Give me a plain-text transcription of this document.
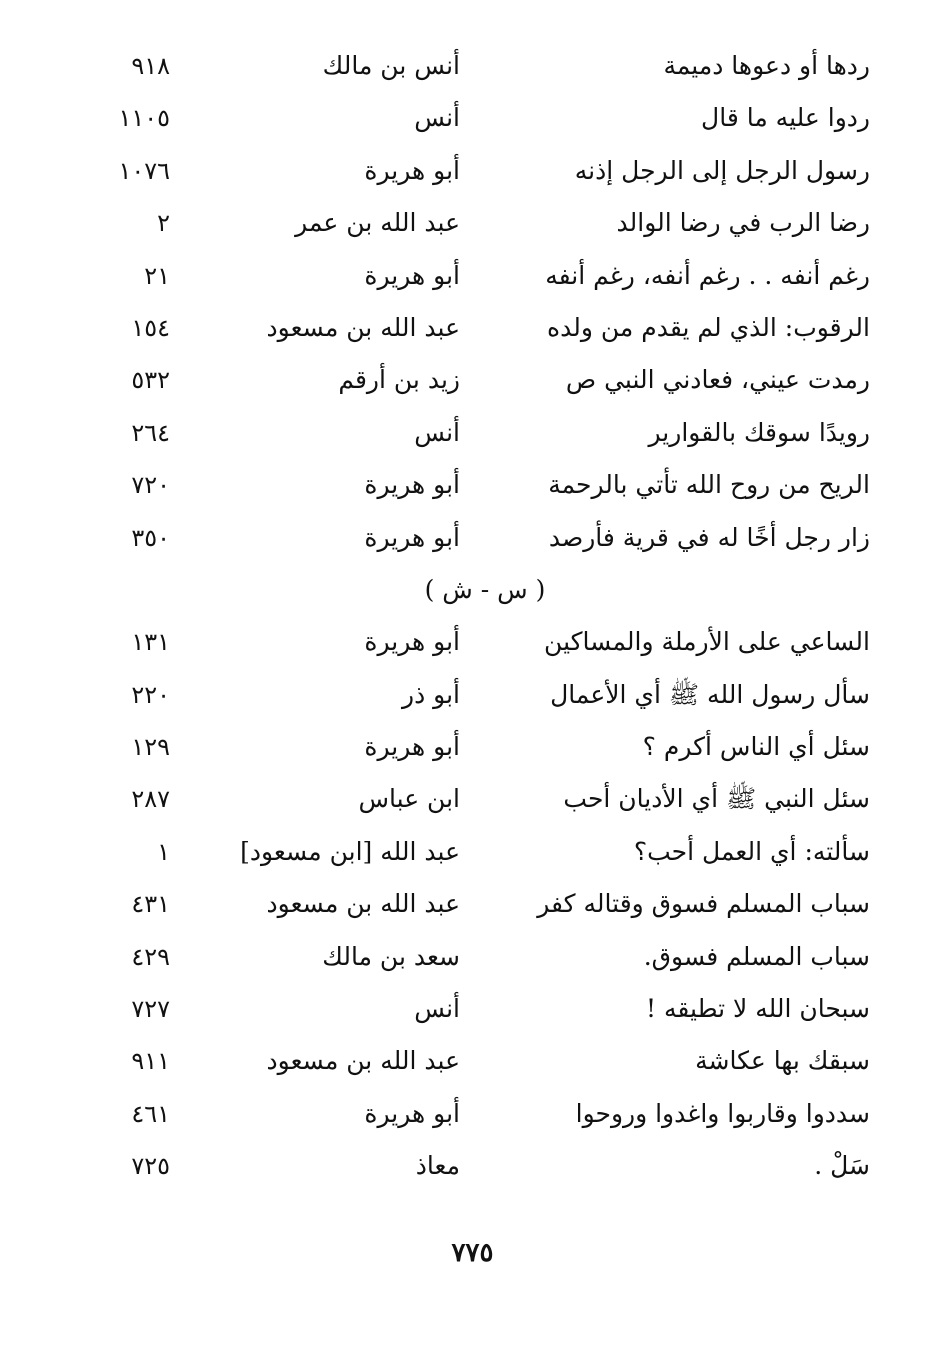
ردها أو دعوها دميمة
أنس بن مالك
٩١٨
ردوا عليه ما قال
أنس
١١٠٥
رسول الرجل إلى الرجل إذنه
أبو هريرة
١٠٧٦
رضا الرب في رضا الوالد
عبد الله بن عمر
٢
رغم أنفه . . رغم أنفه، رغم أنفه
أبو هريرة
٢١
الرقوب: الذي لم يقدم من ولده
عبد الله بن مسعود
١٥٤
رمدت عيني، فعادني النبي ص
زيد بن أرقم
٥٣٢
رويدًا سوقك بالقوارير
أنس
٢٦٤
الريح من روح الله تأتي بالرحمة
أبو هريرة
٧٢٠
زار رجل أخًا له في قرية فأرصد
أبو هريرة
٣٥٠
( س - ش )
الساعي على الأرملة والمساكين
أبو هريرة
١٣١
سأل رسول الله ﷺ أي الأعمال
أبو ذر
٢٢٠
سئل أي الناس أكرم ؟
أبو هريرة
١٢٩
سئل النبي ﷺ أي الأديان أحب
ابن عباس
٢٨٧
سألته: أي العمل أحب؟
عبد الله [ابن مسعود]
١
سباب المسلم فسوق وقتاله كفر
عبد الله بن مسعود
٤٣١
سباب المسلم فسوق.
سعد بن مالك
٤٢٩
سبحان الله لا تطيقه !
أنس
٧٢٧
سبقك بها عكاشة
عبد الله بن مسعود
٩١١
سددوا وقاربوا واغدوا وروحوا
أبو هريرة
٤٦١
سَلْ .
معاذ
٧٢٥
٧٧٥
